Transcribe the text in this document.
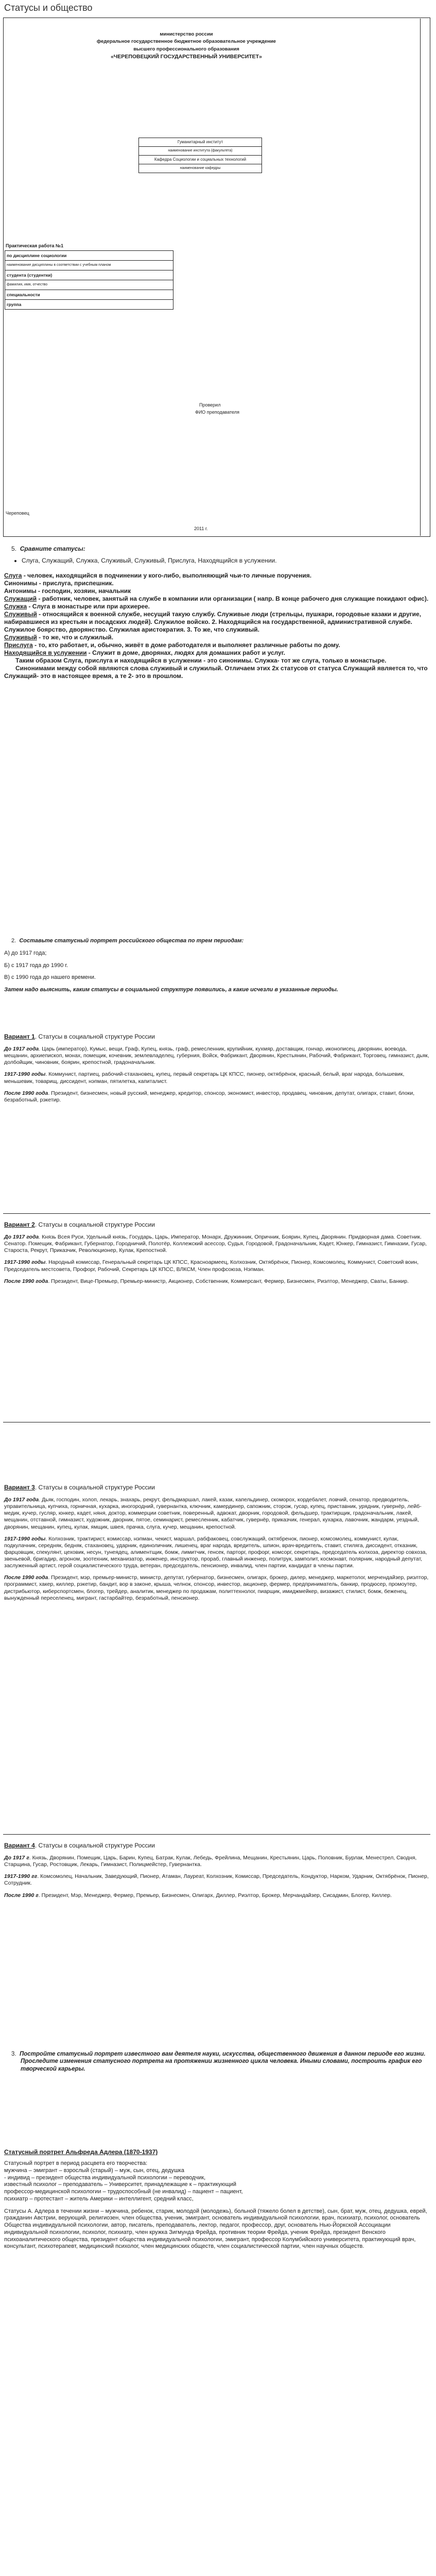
Статусы и общество
министерство россии
федеральное государственное бюджетное образовательное учреждение
высшего профессионального образования
«ЧЕРЕПОВЕЦКИЙ ГОСУДАРСТВЕННЫЙ УНИВЕРСИТЕТ»
Гуманитарный институт
наименование института (факультета)
Кафедра Социологии и социальных технологий
наименование кафедры
Практическая работа №1
по дисциплине социологии
наименование дисциплины в соответствии с учебным планом
студента (студентки)
фамилия, имя, отчество
специальности
группа
Проверил
ФИО преподавателя
Череповец
2011 г.

5. Сравните статусы:

• Слуга, Служащий, Служка, Служивый, Служивый, Прислуга, Находящийся в услужении.

Слуга - человек, находящийся в подчинении у кого-либо, выполняющий чьи-то личные поручения.

Синонимы - прислуга, приспешник.

Антонимы - господин, хозяин, начальник

Служащий - работник, человек, занятый на службе в компании или организации ( напр. В конце рабочего дня служащие покидают офис).

Служка - Слуга в монастыре или при архиерее.

Служивый - относящийся к военной службе, несущий такую службу. Служивые люди (стрельцы, пушкари, городовые казаки и другие, набиравшиеся из крестьян и посадских людей). Служилое войско. 2. Находящийся на государственной, административной службе. Служилое боярство, дворянство. Служилая аристократия. 3. То же, что служивый.

Служивый - то же, что и служилый.

Прислуга - то, кто работает, и, обычно, живёт в доме работодателя и выполняет различные работы по дому.

Находящийся в услужении - Служит в доме, дворянах, людях для домашних работ и услуг.

Таким образом Слуга, прислуга и находящийся в услужении - это синонимы. Служка- тот же слуга, только в монастыре.

Синонимами между собой являются слова служивый и служилый. Отличаем этих 2х статусов от статуса Служащий является то, что Служащий- это в настоящее время, а те 2- это в прошлом.

2. Составьте статусный портрет российского общества по трем периодам:

А) до 1917 года;

Б) с 1917 года до 1990 г.

В) с 1990 года до нашего времени.

Затем надо выяснить, каким статусы в социальной структуре появились, а какие исчезли в указанные периоды.

Вариант 1. Статусы в социальной структуре России

До 1917 года. Царь (император), Кумыс, вещи, Граф, Купец, князь, граф, ремесленник, крупийник, кухмяр, доставщик, гончар, иконописец, дворянин, воевода, мещанин, архиепископ, монах, помещик, кочевник, землевладелец, губерния, Войск, Фабрикант, Дворянин, Крестьянин, Рабочий, Фабрикант, Торговец, гимназист, дьяк, долбойщик, чиновник, боярин, крепостной, градоначальник.

1917-1990 годы. Коммунист, партиец, рабочий-стахановец, купец, первый секретарь ЦК КПСС, пионер, октябрёнок, красный, белый, враг народа, большевик, меньшевик, товарищ, диссидент, нэпман, пятилетка, капиталист.

После 1990 года. Президент, бизнесмен, новый русский, менеджер, кредитор, спонсор, экономист, инвестор, продавец, чиновник, депутат, олигарх, ставит, блоки, безработный, рэкетир.

Вариант 2. Статусы в социальной структуре России

До 1917 года. Князь Всея Руси, Удельный князь, Государь, Царь, Император, Монарх, Дружинник, Опричник, Боярин, Купец, Дворянин. Придворная дама. Советник. Сенатор. Помещик, Фабрикант, Губернатор, Городничий, Полотёр, Коллежский асессор, Судья, Городовой, Градоначальник, Кадет, Юнкер, Гимназист, Гимназии, Гусар, Староста, Рекрут, Приказчик, Революционер, Кулак, Крепостной.

1917-1990 годы. Народный комиссар, Генеральный секретарь ЦК КПСС, Красноармеец, Колхозник, Октябрёнок, Пионер, Комсомолец, Коммунист, Советский воин, Председатель местсовета, Профорг, Рабочий, Секретарь ЦК КПСС, ВЛКСМ, Член профсоюза, Нэпман.

После 1990 года. Президент, Вице-Премьер, Премьер-министр, Акционер, Собственник, Коммерсант, Фермер, Бизнесмен, Риэлтор, Менеджер, Сваты, Банкир.

Вариант 3. Статусы в социальной структуре России

До 1917 года. Дьяк, господин, холоп, лекарь, знахарь, рекрут, фельдмаршал, лакей, казак, капельдинер, скоморох, кордебалет, ловчий, сенатор, предводитель, управительница, купчиха, горничная, кухарка, иногородний, гувернантка, ключник, камердинер, сапожник, сторож, гусар, купец, приставник, урядник, гувернёр, лейб-медик, кучер, гусляр, юнкер, кадет, няня, доктор, коммерции советник, поверенный, адвокат, дворник, городовой, фельдшер, трактирщик, градоначальник, лакей, мещанин, отставной, гимназист, художник, дворник, пятое, семинарист, ремесленник, кабатчик, гувернёр, приказчик, генерал, кухарка, лавочник, жандарм, уездный, дворянин, мещанин, купец, кулак, ямщик, швея, прачка, слуга, кучер, мещанин, крепостной.

1917-1990 годы. Колхозник, трактирист, комиссар, нэпман, чекист, маршал, рабфаковец, совслужащий, октябренок, пионер, комсомолец, коммунист, кулак, подкулачник, середняк, бедняк, стахановец, ударник, единоличник, лишенец, враг народа, вредитель, шпион, врач-вредитель, ставит, стиляга, диссидент, отказник, фарцовщик, спекулянт, цеховик, несун, тунеядец, алиментщик, бомж, лимитчик, генсек, парторг, профорг, комсорг, секретарь, председатель колхоза, директор совхоза, звеньевой, бригадир, агроном, зоотехник, механизатор, инженер, инструктор, прораб, главный инженер, политрук, замполит, космонавт, полярник, народный депутат, заслуженный артист, герой социалистического труда, ветеран, председатель, пенсионер, инвалид, член партии, кандидат в члены партии.

После 1990 года. Президент, мэр, премьер-министр, министр, депутат, губернатор, бизнесмен, олигарх, брокер, дилер, менеджер, маркетолог, мерчендайзер, риэлтор, программист, хакер, киллер, рэкетир, бандит, вор в законе, крыша, челнок, спонсор, инвестор, акционер, фермер, предприниматель, банкир, продюсер, промоутер, дистрибьютор, киберспортсмен, блогер, трейдер, аналитик, менеджер по продажам, политтехнолог, пиарщик, имиджмейкер, визажист, стилист, бомж, беженец, вынужденный переселенец, мигрант, гастарбайтер, безработный, пенсионер.

Вариант 4. Статусы в социальной структуре России

До 1917 г. Князь, Дворянин, Помещик, Царь, Барин, Купец, Батрак, Кулак, Лебедь, Фрейлина, Мещанин, Крестьянин, Царь, Половник, Бурлак, Менестрел, Сводня, Старщина, Гусар, Ростовщик, Лекарь, Гимназист, Полицмейстер, Гувернантка.

1917-1990 гг. Комсомолец, Начальник, Заведующий, Пионер, Атаман, Лауреат, Колхозник, Комиссар, Председатель, Кондуктор, Нарком, Ударник, Октябрёнок, Пионер, Сотрудник.

После 1990 г. Президент, Мэр, Менеджер, Фермер, Премьер, Бизнесмен, Олигарх, Диллер, Риэлтор, Брокер, Мерчандайзер, Сисадмин, Блогер, Киллер.

3. Постройте статусный портрет известного вам деятеля науки, искусства, общественного движения в данном периоде его жизни. Проследите изменения статусного портрета на протяжении жизненного цикла человека. Иными словами, построить график его творческой карьеры.

Статусный портрет Альфреда Адлера (1870-1937)

Статусный портрет в период расцвета его творчества:

мужчина – эмигрант – взрослый (старый) – муж, сын, отец, дедушка

- индивид – президент общества индивидуальной психологии – переводчик,

известный психолог – преподаватель – Университет, принадлежащие к – практикующий

профессор-медицинской психологии – трудоспособный (не инвалид) – пациент – пациент,

психиатр – протестант – житель Америки – интеллигент, средний класс,

Статусы А. Адлера в течении жизни – мужчина, ребенок, старик, молодой (молодежь), больной (тяжело болел в детстве), сын, брат, муж, отец, дедушка, еврей, гражданин Австрии, верующий, религиозен, член общества, ученик, эмигрант, основатель индивидуальной психологии, врач, психиатр, психолог, основатель Общества индивидуальной психологии, автор, писатель, преподаватель, лектор, педагог, профессор, друг, основатель Нью-Йоркской Ассоциации индивидуальной психологии, психолог, психиатр, член кружка Зигмунда Фрейда, противник теории Фрейда, ученик Фрейда, президент Венского психоаналитического общества, президент общества индивидуальной психологии, эмигрант, профессор Колумбийского университета, практикующий врач, консультант, психотерапевт, медицинский психолог, член медицинских обществ, член социалистической партии, член научных обществ.
